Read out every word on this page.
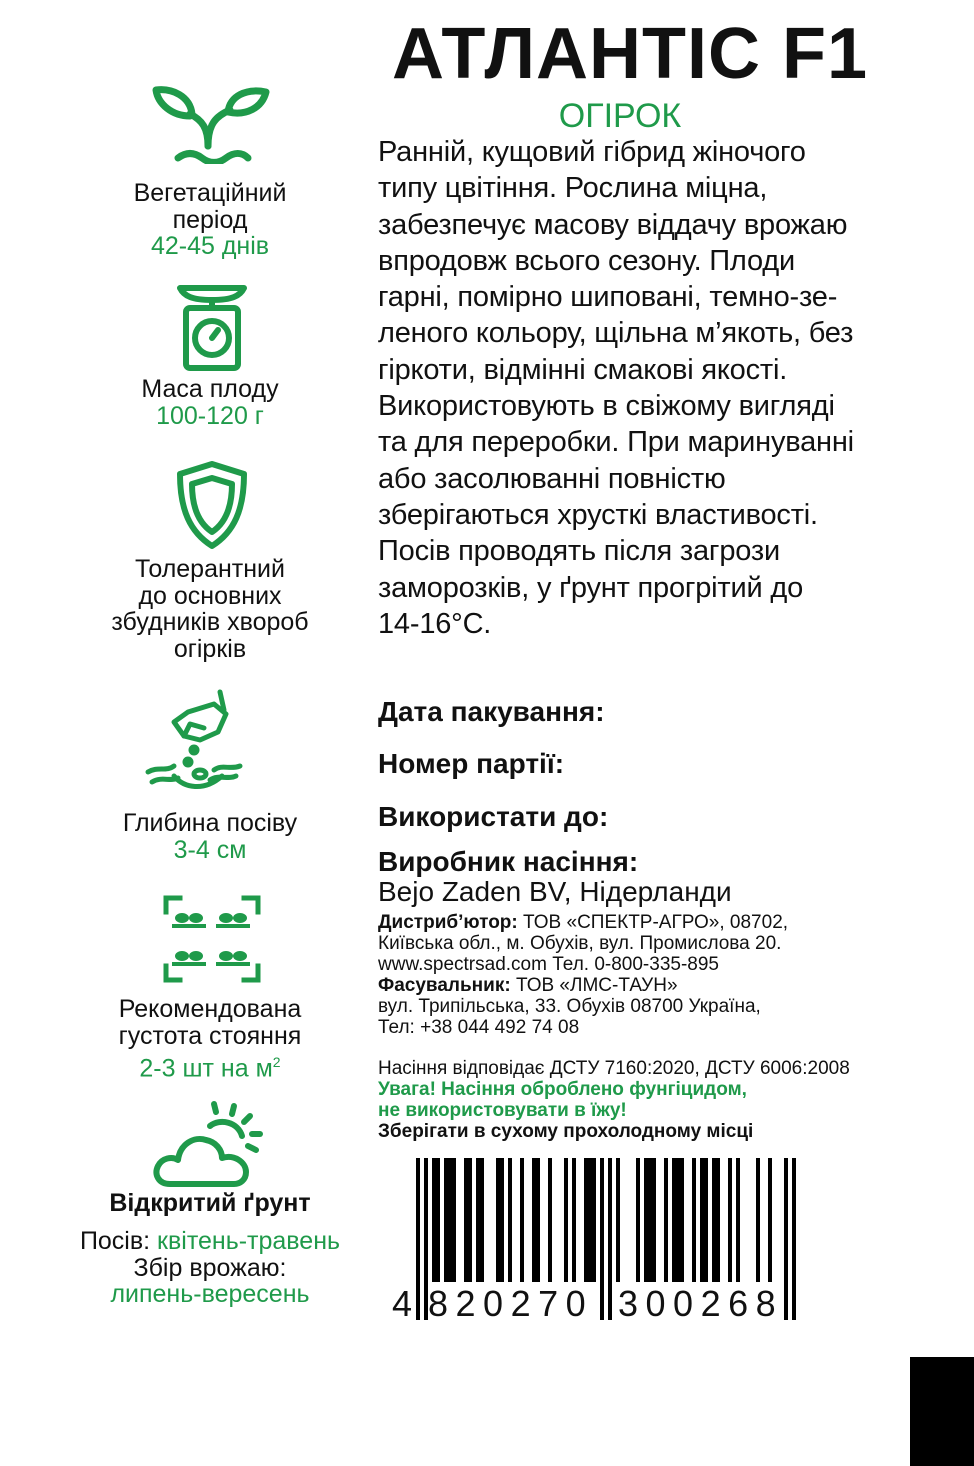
АТЛАНТІС F1
ОГІРОК
Ранній, кущовий гібрид жіночого
типу цвітіння. Рослина міцна,
забезпечує масову віддачу врожаю
впродовж всього сезону. Плоди
гарні, помірно шиповані, темно-зе-
леного кольору, щільна м’якоть, без
гіркоти, відмінні смакові якості.
Використовують в свіжому вигляді
та для переробки. При маринуванні
або засолюванні повністю
зберігаються хрусткі властивості.
Посів проводять після загрози
заморозків, у ґрунт прогрітий до
14-16°С.
Вегетаційний
період
42-45 днів
Маса плоду
100-120 г
Толерантний
до основних
збудників хвороб
огірків
Глибина посіву
3-4 см
Рекомендована
густота стояння
2-3 шт на $м^2$
Відкритий ґрунт
Посів: квітень-травень
Збір врожаю:
липень-вересень
Дата пакування:
Номер партії:
Використати до:
Виробник насіння:
Bejo Zaden BV, Нідерланди
Дистриб’ютор: ТОВ «СПЕКТР-АГРО», 08702,
Київська обл., м. Обухів, вул. Промислова 20.
www.spectrsad.com Тел. 0-800-335-895
Фасувальник: ТОВ «ЛМС-ТАУН»
вул. Трипільська, 33. Обухів 08700 Україна,
Тел: +38 044 492 74 08
Насіння відповідає ДСТУ 7160:2020, ДСТУ 6006:2008
Увага! Насіння оброблено фунгіцидом,
не використовувати в їжу!
Зберігати в сухому прохолодному місці
4 820270 300268
